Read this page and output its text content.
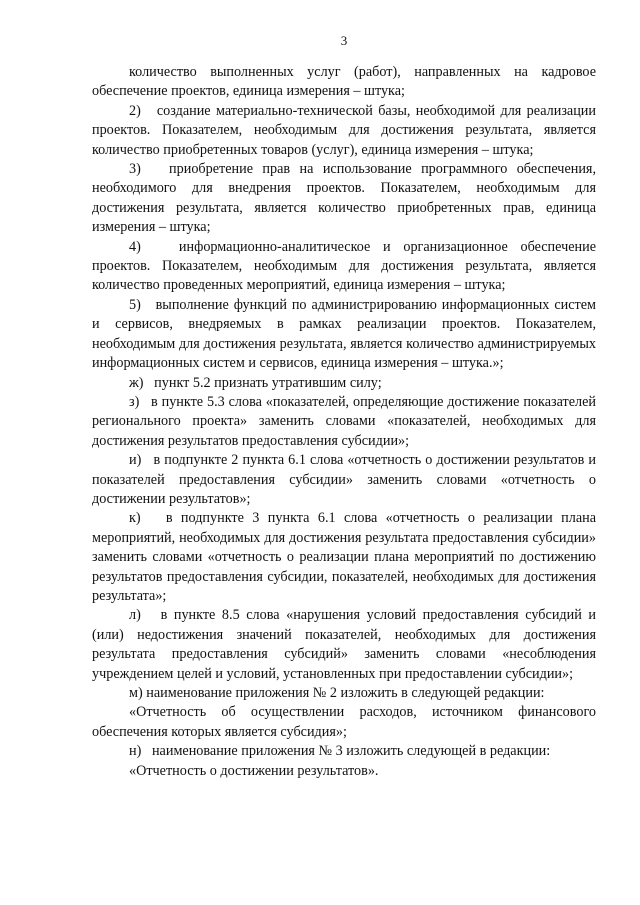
3

количество выполненных услуг (работ), направленных на кадровое обеспечение проектов, единица измерения – штука;

2)   создание материально-технической базы, необходимой для реализации проектов. Показателем, необходимым для достижения результата, является количество приобретенных товаров (услуг), единица измерения – штука;

3)   приобретение прав на использование программного обеспечения, необходимого для внедрения проектов. Показателем, необходимым для достижения результата, является количество приобретенных прав, единица измерения – штука;

4)   информационно-аналитическое и организационное обеспечение проектов. Показателем, необходимым для достижения результата, является количество проведенных мероприятий, единица измерения – штука;

5)   выполнение функций по администрированию информационных систем и сервисов, внедряемых в рамках реализации проектов. Показателем, необходимым для достижения результата, является количество администрируемых информационных систем и сервисов, единица измерения – штука.»;

ж)   пункт 5.2 признать утратившим силу;

з)   в пункте 5.3 слова «показателей, определяющие достижение показателей регионального проекта» заменить словами «показателей, необходимых для достижения результатов предоставления субсидии»;

и)   в подпункте 2 пункта 6.1 слова «отчетность о достижении результатов и показателей предоставления субсидии» заменить словами «отчетность о достижении результатов»;

к)   в подпункте 3 пункта 6.1 слова «отчетность о реализации плана мероприятий, необходимых для достижения результата предоставления субсидии» заменить словами «отчетность о реализации плана мероприятий по достижению результатов предоставления субсидии, показателей, необходимых для достижения результата»;

л)   в пункте 8.5 слова «нарушения условий предоставления субсидий и (или) недостижения значений показателей, необходимых для достижения результата предоставления субсидий» заменить словами «несоблюдения учреждением целей и условий, установленных при предоставлении субсидии»;

м) наименование приложения № 2 изложить в следующей редакции:

«Отчетность об осуществлении расходов, источником финансового обеспечения которых является субсидия»;

н)   наименование приложения № 3 изложить следующей в редакции:

«Отчетность о достижении результатов».
